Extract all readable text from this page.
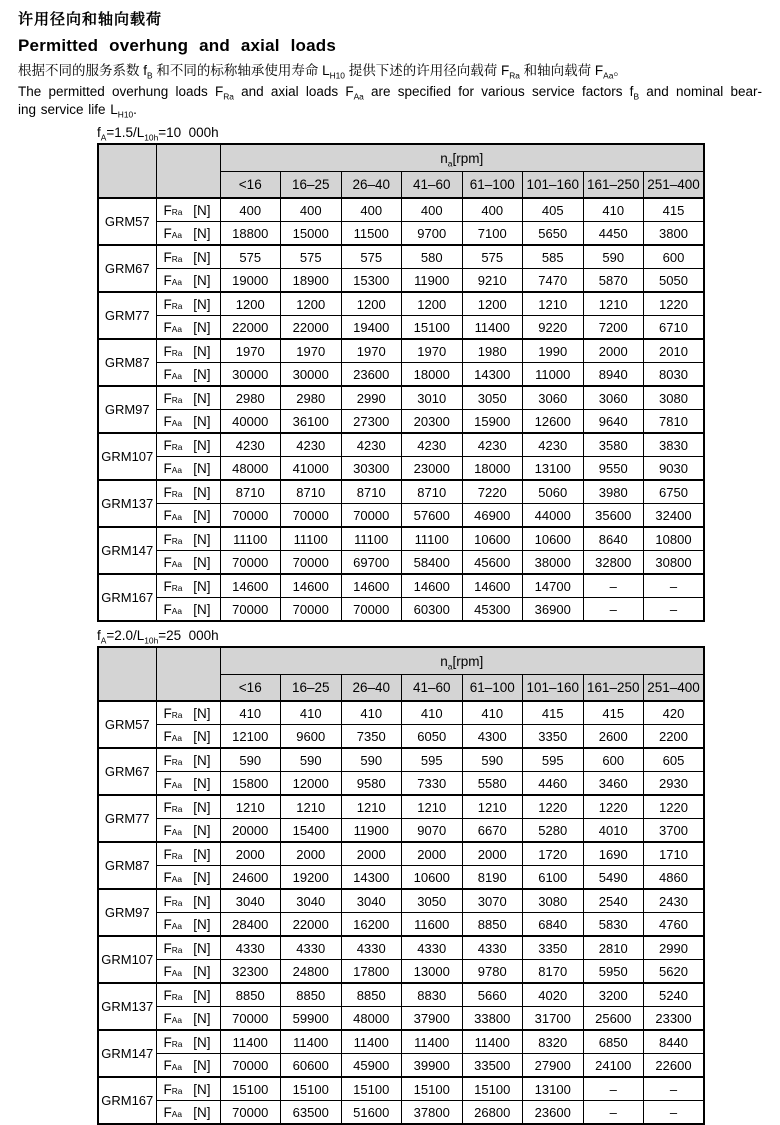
许用径向和轴向载荷
Permitted overhung and axial loads

根据不同的服务系数 $f_B$ 和不同的标称轴承使用寿命 $L_{H10}$ 提供下述的许用径向载荷 $F_{Ra}$ 和轴向载荷 $F_{Aa}$。

The permitted overhung loads $F_{Ra}$ and axial loads $F_{Aa}$ are specified for various service factors $f_B$ and nominal bear-

ing service life $L_{H10}$.

$f_A=1.5/L_{10h}=10$  000h
		$n_a[rpm]$							
		<16	16–25	26–40	41–60	61–100	101–160	161–250	251–400
GRM57	F Ra [N]	400	400	400	400	400	405	410	415

	F Aa [N]	18800	15000	11500	9700	7100	5650	4450	3800
GRM67	F Ra [N]	575	575	575	580	575	585	590	600

	F Aa [N]	19000	18900	15300	11900	9210	7470	5870	5050
GRM77	F Ra [N]	1200	1200	1200	1200	1200	1210	1210	1220

	F Aa [N]	22000	22000	19400	15100	11400	9220	7200	6710
GRM87	F Ra [N]	1970	1970	1970	1970	1980	1990	2000	2010

	F Aa [N]	30000	30000	23600	18000	14300	11000	8940	8030
GRM97	F Ra [N]	2980	2980	2990	3010	3050	3060	3060	3080

	F Aa [N]	40000	36100	27300	20300	15900	12600	9640	7810
GRM107	F Ra [N]	4230	4230	4230	4230	4230	4230	3580	3830

	F Aa [N]	48000	41000	30300	23000	18000	13100	9550	9030
GRM137	F Ra [N]	8710	8710	8710	8710	7220	5060	3980	6750

	F Aa [N]	70000	70000	70000	57600	46900	44000	35600	32400
GRM147	F Ra [N]	11100	11100	11100	11100	10600	10600	8640	10800

	F Aa [N]	70000	70000	69700	58400	45600	38000	32800	30800
GRM167	F Ra [N]	14600	14600	14600	14600	14600	14700	–	–

	F Aa [N]	70000	70000	70000	60300	45300	36900	–	–
$f_A=2.0/L_{10h}=25$  000h
		$n_a[rpm]$							
		<16	16–25	26–40	41–60	61–100	101–160	161–250	251–400
GRM57	F Ra [N]	410	410	410	410	410	415	415	420

	F Aa [N]	12100	9600	7350	6050	4300	3350	2600	2200
GRM67	F Ra [N]	590	590	590	595	590	595	600	605

	F Aa [N]	15800	12000	9580	7330	5580	4460	3460	2930
GRM77	F Ra [N]	1210	1210	1210	1210	1210	1220	1220	1220

	F Aa [N]	20000	15400	11900	9070	6670	5280	4010	3700
GRM87	F Ra [N]	2000	2000	2000	2000	2000	1720	1690	1710

	F Aa [N]	24600	19200	14300	10600	8190	6100	5490	4860
GRM97	F Ra [N]	3040	3040	3040	3050	3070	3080	2540	2430

	F Aa [N]	28400	22000	16200	11600	8850	6840	5830	4760
GRM107	F Ra [N]	4330	4330	4330	4330	4330	3350	2810	2990

	F Aa [N]	32300	24800	17800	13000	9780	8170	5950	5620
GRM137	F Ra [N]	8850	8850	8850	8830	5660	4020	3200	5240

	F Aa [N]	70000	59900	48000	37900	33800	31700	25600	23300
GRM147	F Ra [N]	11400	11400	11400	11400	11400	8320	6850	8440

	F Aa [N]	70000	60600	45900	39900	33500	27900	24100	22600
GRM167	F Ra [N]	15100	15100	15100	15100	15100	13100	–	–

	F Aa [N]	70000	63500	51600	37800	26800	23600	–	–
